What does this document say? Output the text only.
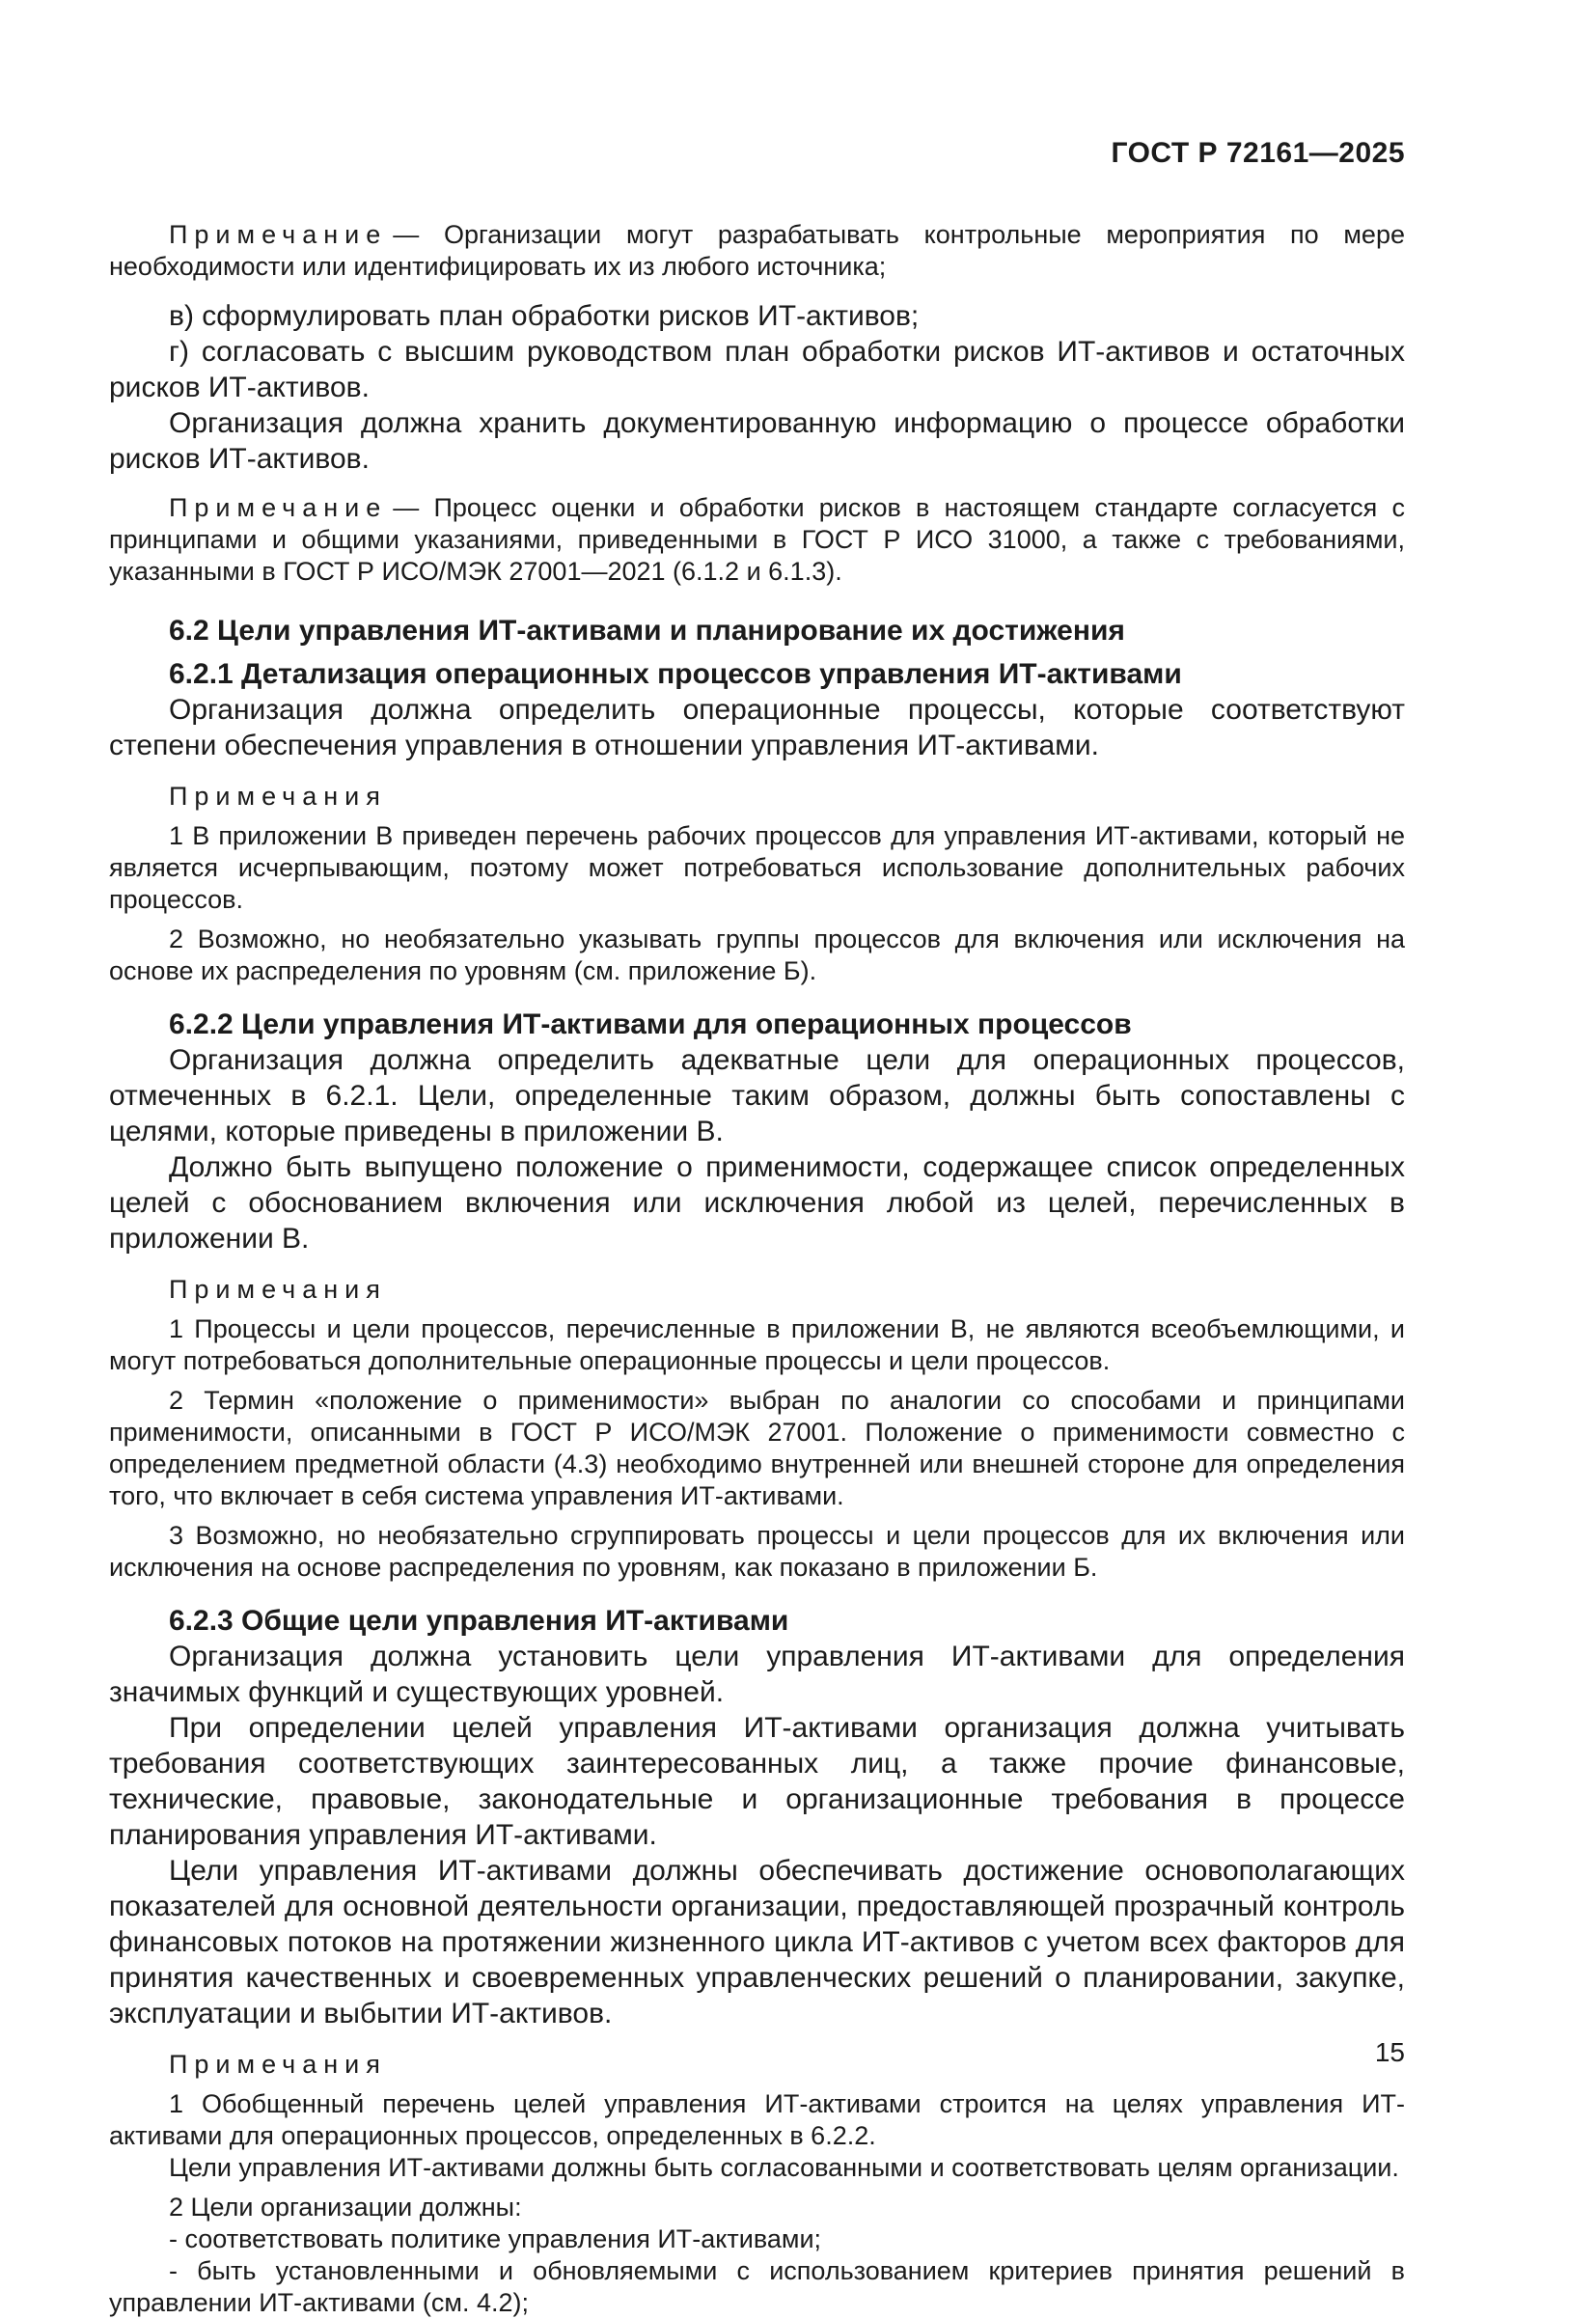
ГОСТ Р 72161—2025

Примечание — Организации могут разрабатывать контрольные мероприятия по мере необходимости или идентифицировать их из любого источника;

в) сформулировать план обработки рисков ИТ-активов;

г) согласовать с высшим руководством план обработки рисков ИТ-активов и остаточных рисков ИТ-активов.

Организация должна хранить документированную информацию о процессе обработки рисков ИТ-активов.

Примечание — Процесс оценки и обработки рисков в настоящем стандарте согласуется с принципами и общими указаниями, приведенными в ГОСТ Р ИСО 31000, а также с требованиями, указанными в ГОСТ Р ИСО/МЭК 27001—2021 (6.1.2 и 6.1.3).

6.2 Цели управления ИТ-активами и планирование их достижения

6.2.1 Детализация операционных процессов управления ИТ-активами

Организация должна определить операционные процессы, которые соответствуют степени обеспечения управления в отношении управления ИТ-активами.

Примечания

1 В приложении В приведен перечень рабочих процессов для управления ИТ-активами, который не является исчерпывающим, поэтому может потребоваться использование дополнительных рабочих процессов.

2 Возможно, но необязательно указывать группы процессов для включения или исключения на основе их распределения по уровням (см. приложение Б).

6.2.2 Цели управления ИТ-активами для операционных процессов

Организация должна определить адекватные цели для операционных процессов, отмеченных в 6.2.1. Цели, определенные таким образом, должны быть сопоставлены с целями, которые приведены в приложении В.

Должно быть выпущено положение о применимости, содержащее список определенных целей с обоснованием включения или исключения любой из целей, перечисленных в приложении В.

Примечания

1 Процессы и цели процессов, перечисленные в приложении В, не являются всеобъемлющими, и могут потребоваться дополнительные операционные процессы и цели процессов.

2 Термин «положение о применимости» выбран по аналогии со способами и принципами применимости, описанными в ГОСТ Р ИСО/МЭК 27001. Положение о применимости совместно с определением предметной области (4.3) необходимо внутренней или внешней стороне для определения того, что включает в себя система управления ИТ-активами.

3 Возможно, но необязательно сгруппировать процессы и цели процессов для их включения или исключения на основе распределения по уровням, как показано в приложении Б.

6.2.3 Общие цели управления ИТ-активами

Организация должна установить цели управления ИТ-активами для определения значимых функций и существующих уровней.

При определении целей управления ИТ-активами организация должна учитывать требования соответствующих заинтересованных лиц, а также прочие финансовые, технические, правовые, законодательные и организационные требования в процессе планирования управления ИТ-активами.

Цели управления ИТ-активами должны обеспечивать достижение основополагающих показателей для основной деятельности организации, предоставляющей прозрачный контроль финансовых потоков на протяжении жизненного цикла ИТ-активов с учетом всех факторов для принятия качественных и своевременных управленческих решений о планировании, закупке, эксплуатации и выбытии ИТ-активов.

Примечания

1 Обобщенный перечень целей управления ИТ-активами строится на целях управления ИТ-активами для операционных процессов, определенных в 6.2.2.

Цели управления ИТ-активами должны быть согласованными и соответствовать целям организации.

2 Цели организации должны:

- соответствовать политике управления ИТ-активами;

- быть установленными и обновляемыми с использованием критериев принятия решений в управлении ИТ-активами (см. 4.2);

15
